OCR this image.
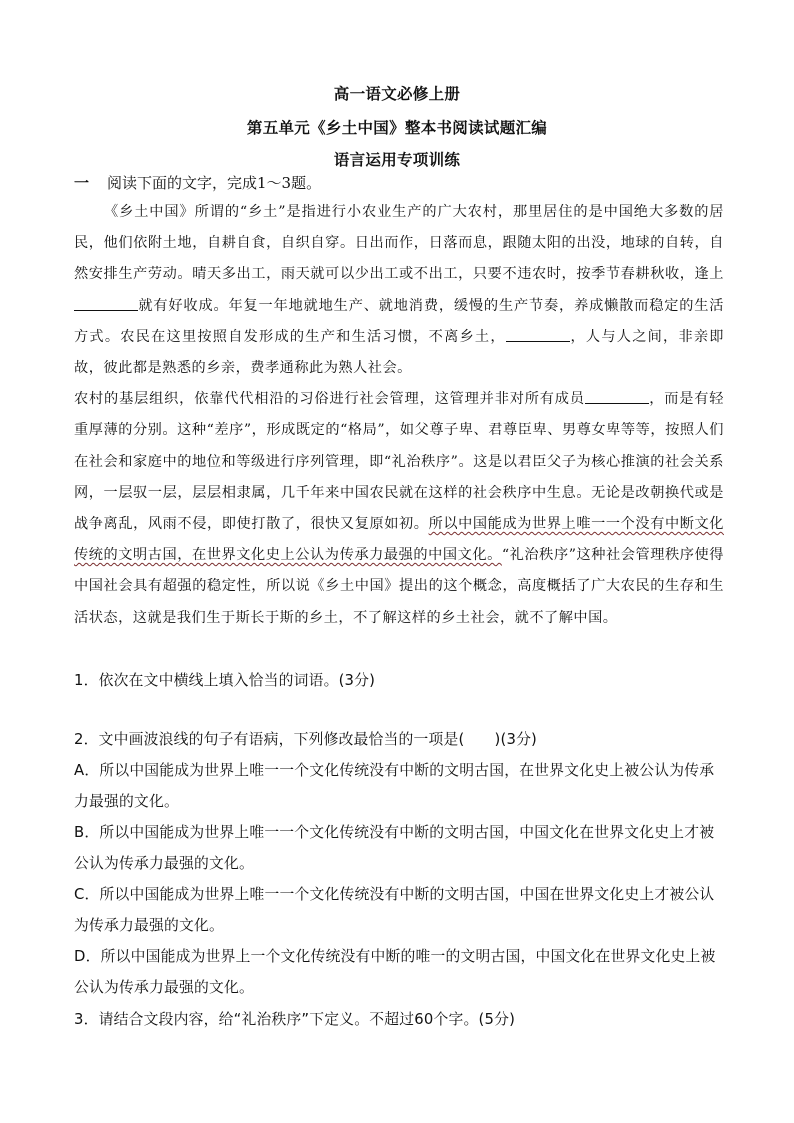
高一语文必修上册
第五单元《乡土中国》整本书阅读试题汇编
语言运用专项训练
一 阅读下面的文字，完成1～3题。

《乡土中国》所谓的“乡土”是指进行小农业生产的广大农村，那里居住的是中国绝大多数的居民，他们依附土地，自耕自食，自织自穿。日出而作，日落而息，跟随太阳的出没，地球的自转，自然安排生产劳动。晴天多出工，雨天就可以少出工或不出工，只要不违农时，按季节春耕秋收，逢上就有好收成。年复一年地就地生产、就地消费，缓慢的生产节奏，养成懒散而稳定的生活方式。农民在这里按照自发形成的生产和生活习惯，不离乡土，	，人与人之间，非亲即故，彼此都是熟悉的乡亲，费孝通称此为熟人社会。

农村的基层组织，依靠代代相沿的习俗进行社会管理，这管理并非对所有成员	，而是有轻重厚薄的分别。这种“差序”，形成既定的“格局”，如父尊子卑、君尊臣卑、男尊女卑等等，按照人们在社会和家庭中的地位和等级进行序列管理，即“礼治秩序”。这是以君臣父子为核心推演的社会关系网，一层驭一层，层层相隶属，几千年来中国农民就在这样的社会秩序中生息。无论是改朝换代或是战争离乱，风雨不侵，即使打散了，很快又复原如初。所以中国能成为世界上唯一一个没有中断文化传统的文明古国，在世界文化史上公认为传承力最强的中国文化。“礼治秩序”这种社会管理秩序使得中国社会具有超强的稳定性，所以说《乡土中国》提出的这个概念，高度概括了广大农民的生存和生活状态，这就是我们生于斯长于斯的乡土，不了解这样的乡土社会，就不了解中国。

1．依次在文中横线上填入恰当的词语。(3分)

2．文中画波浪线的句子有语病，下列修改最恰当的一项是(　　)(3分)

A．所以中国能成为世界上唯一一个文化传统没有中断的文明古国，在世界文化史上被公认为传承力最强的文化。

B．所以中国能成为世界上唯一一个文化传统没有中断的文明古国，中国文化在世界文化史上才被公认为传承力最强的文化。

C．所以中国能成为世界上唯一一个文化传统没有中断的文明古国，中国在世界文化史上才被公认为传承力最强的文化。

D．所以中国能成为世界上一个文化传统没有中断的唯一的文明古国，中国文化在世界文化史上被公认为传承力最强的文化。

3．请结合文段内容，给“礼治秩序”下定义。不超过60个字。(5分)
